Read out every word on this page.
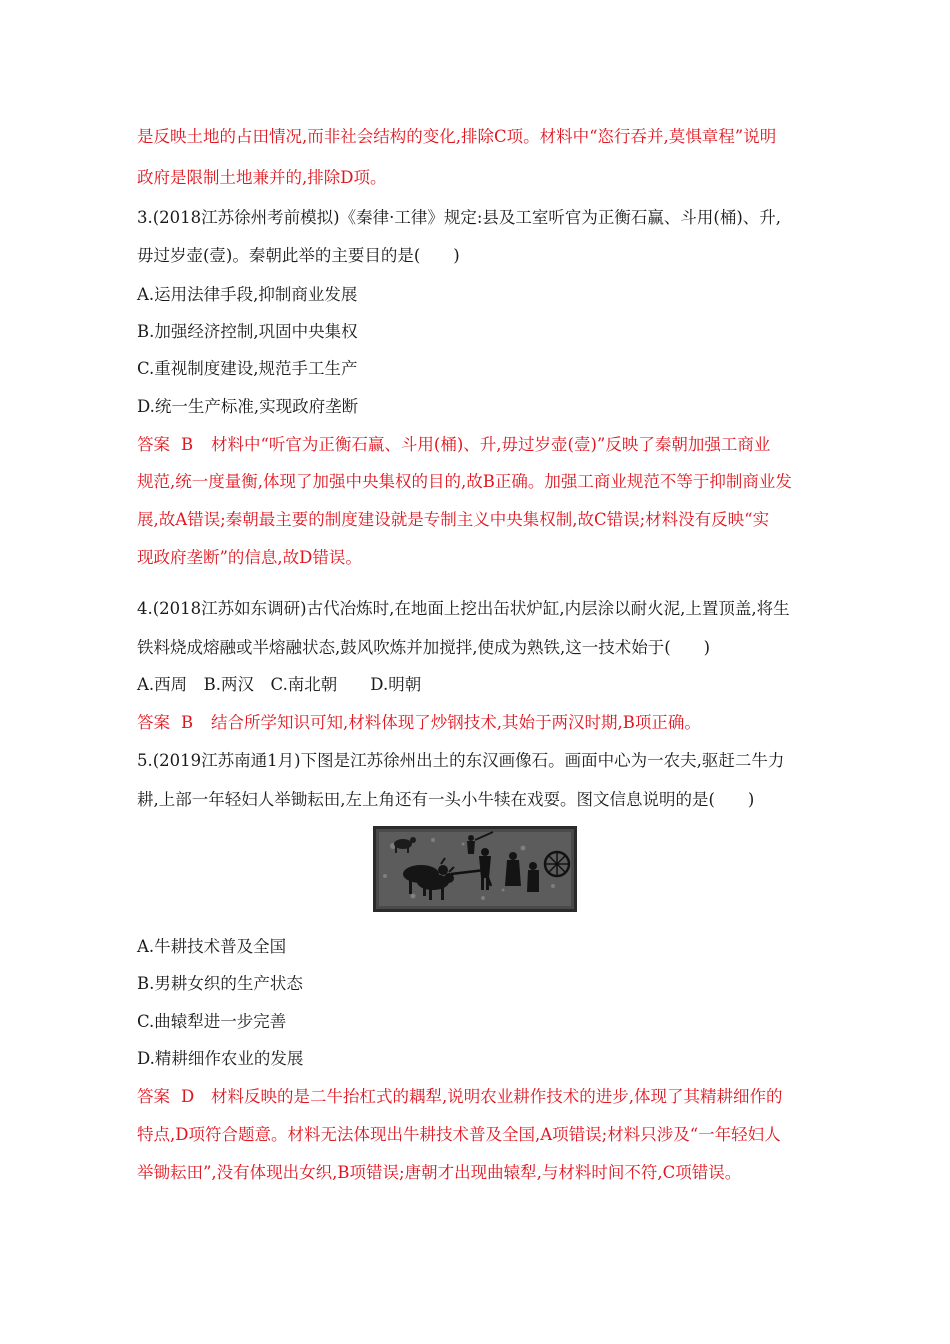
是反映土地的占田情况,而非社会结构的变化,排除C项。材料中“恣行吞并,莫惧章程”说明
政府是限制土地兼并的,排除D项。
3.(2018江苏徐州考前模拟)《秦律·工律》规定:县及工室听官为正衡石赢、斗用(桶)、升,
毋过岁壶(壹)。秦朝此举的主要目的是(　　)
A.运用法律手段,抑制商业发展
B.加强经济控制,巩固中央集权
C.重视制度建设,规范手工生产
D.统一生产标准,实现政府垄断
答案 B 材料中“听官为正衡石赢、斗用(桶)、升,毋过岁壶(壹)”反映了秦朝加强工商业
规范,统一度量衡,体现了加强中央集权的目的,故B正确。加强工商业规范不等于抑制商业发
展,故A错误;秦朝最主要的制度建设就是专制主义中央集权制,故C错误;材料没有反映“实
现政府垄断”的信息,故D错误。
4.(2018江苏如东调研)古代冶炼时,在地面上挖出缶状炉缸,内层涂以耐火泥,上置顶盖,将生
铁料烧成熔融或半熔融状态,鼓风吹炼并加搅拌,使成为熟铁,这一技术始于(　　)
A.西周　B.两汉　C.南北朝　　D.明朝
答案 B 结合所学知识可知,材料体现了炒钢技术,其始于两汉时期,B项正确。
5.(2019江苏南通1月)下图是江苏徐州出土的东汉画像石。画面中心为一农夫,驱赶二牛力
耕,上部一年轻妇人举锄耘田,左上角还有一头小牛犊在戏耍。图文信息说明的是(　　)
A.牛耕技术普及全国
B.男耕女织的生产状态
C.曲辕犁进一步完善
D.精耕细作农业的发展
答案 D 材料反映的是二牛抬杠式的耦犁,说明农业耕作技术的进步,体现了其精耕细作的
特点,D项符合题意。材料无法体现出牛耕技术普及全国,A项错误;材料只涉及“一年轻妇人
举锄耘田”,没有体现出女织,B项错误;唐朝才出现曲辕犁,与材料时间不符,C项错误。
